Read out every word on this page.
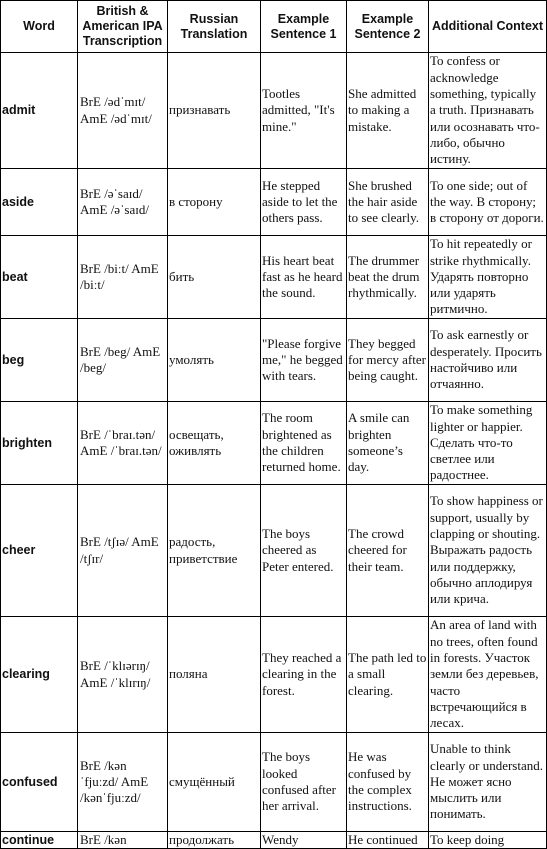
Word	British & American IPA Transcription	Russian Translation	Example Sentence 1	Example Sentence 2	Additional Context
admit	BrE /ədˈmɪt/ AmE /ədˈmɪt/	признавать	Tootles admitted, "It's mine."	She admitted to making a mistake.	To confess or acknowledge something, typically a truth. Признавать или осознавать что-либо, обычно истину.
aside	BrE /əˈsaɪd/ AmE /əˈsaɪd/	в сторону	He stepped aside to let the others pass.	She brushed the hair aside to see clearly.	To one side; out of the way. В сторону; в сторону от дороги.
beat	BrE /biːt/ AmE /biːt/	бить	His heart beat fast as he heard the sound.	The drummer beat the drum rhythmically.	To hit repeatedly or strike rhythmically. Ударять повторно или ударять ритмично.
beg	BrE /beg/ AmE /beg/	умолять	"Please forgive me," he begged with tears.	They begged for mercy after being caught.	To ask earnestly or desperately. Просить настойчиво или отчаянно.
brighten	BrE /ˈbraɪ.tən/ AmE /ˈbraɪ.tən/	освещать, оживлять	The room brightened as the children returned home.	A smile can brighten someone’s day.	To make something lighter or happier. Сделать что-то светлее или радостнее.
cheer	BrE /tʃɪə/ AmE /tʃɪr/	радость, приветствие	The boys cheered as Peter entered.	The crowd cheered for their team.	To show happiness or support, usually by clapping or shouting. Выражать радость или поддержку, обычно аплодируя или крича.
clearing	BrE /ˈklɪərɪŋ/ AmE /ˈklɪrɪŋ/	поляна	They reached a clearing in the forest.	The path led to a small clearing.	An area of land with no trees, often found in forests. Участок земли без деревьев, часто встречающийся в лесах.
confused	BrE /kən ˈfjuːzd/ AmE /kənˈfjuːzd/	смущённый	The boys looked confused after her arrival.	He was confused by the complex instructions.	Unable to think clearly or understand. Не может ясно мыслить или понимать.
continue	BrE /kən	продолжать	Wendy	He continued	To keep doing
